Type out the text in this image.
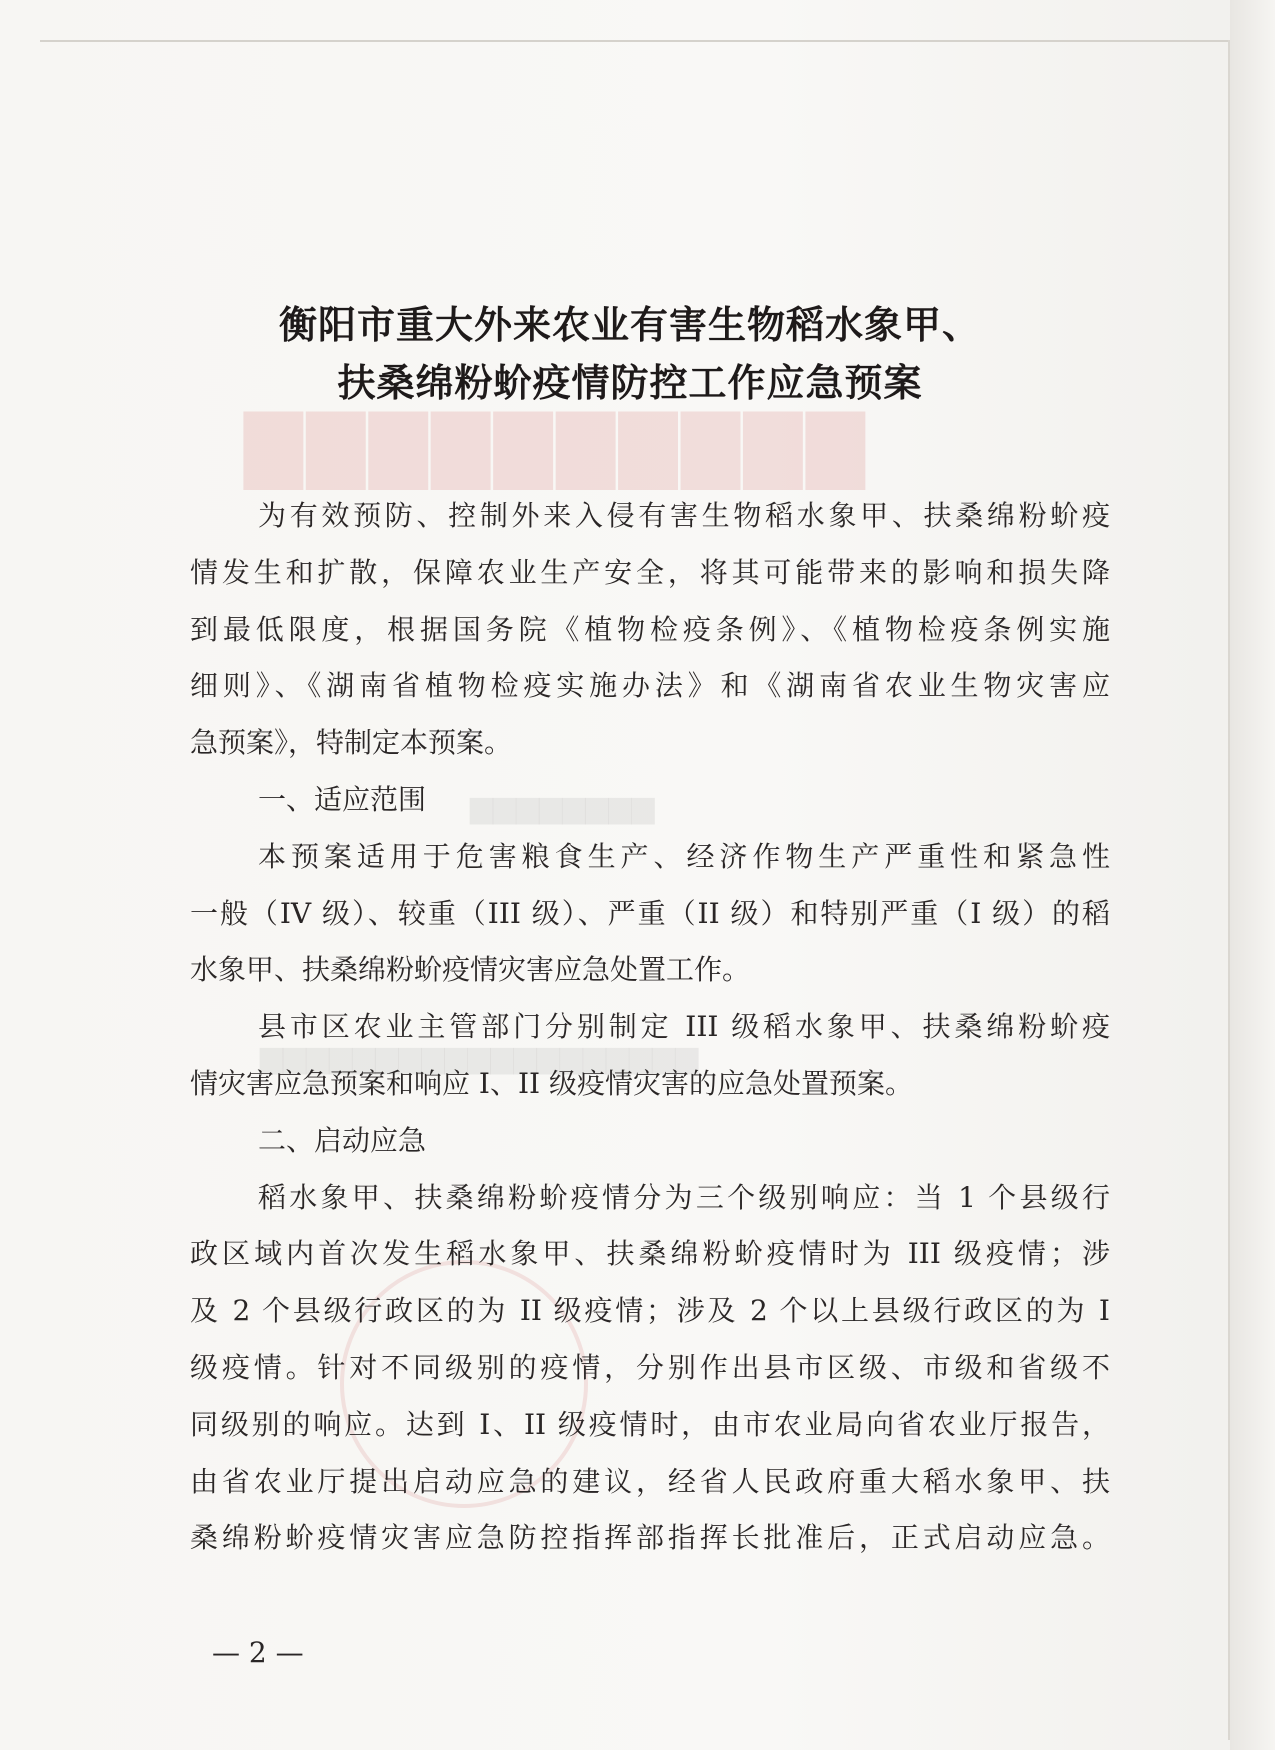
▇▇▇▇▇▇▇▇▇▇
▆▆▆▆▆▆▆▆
▆▆▆▆▆▆▆▆▆▆▆▆▆▆▆▆▆▆▆
衡阳市重大外来农业有害生物稻水象甲、
扶桑绵粉蚧疫情防控工作应急预案

为有效预防、控制外来入侵有害生物稻水象甲、扶桑绵粉蚧疫
情发生和扩散，保障农业生产安全，将其可能带来的影响和损失降
到最低限度，根据国务院《植物检疫条例》、《植物检疫条例实施
细则》、《湖南省植物检疫实施办法》和《湖南省农业生物灾害应
急预案》，特制定本预案。

一、适应范围

本预案适用于危害粮食生产、经济作物生产严重性和紧急性
一般（IV 级）、较重（III 级）、严重（II 级）和特别严重（I 级）的稻
水象甲、扶桑绵粉蚧疫情灾害应急处置工作。

县市区农业主管部门分别制定 III 级稻水象甲、扶桑绵粉蚧疫
情灾害应急预案和响应 I、II 级疫情灾害的应急处置预案。

二、启动应急

稻水象甲、扶桑绵粉蚧疫情分为三个级别响应：当 1 个县级行
政区域内首次发生稻水象甲、扶桑绵粉蚧疫情时为 III 级疫情；涉
及 2 个县级行政区的为 II 级疫情；涉及 2 个以上县级行政区的为 I
级疫情。针对不同级别的疫情，分别作出县市区级、市级和省级不
同级别的响应。达到 I、II 级疫情时，由市农业局向省农业厅报告，
由省农业厅提出启动应急的建议，经省人民政府重大稻水象甲、扶
桑绵粉蚧疫情灾害应急防控指挥部指挥长批准后，正式启动应急。

— 2 —
